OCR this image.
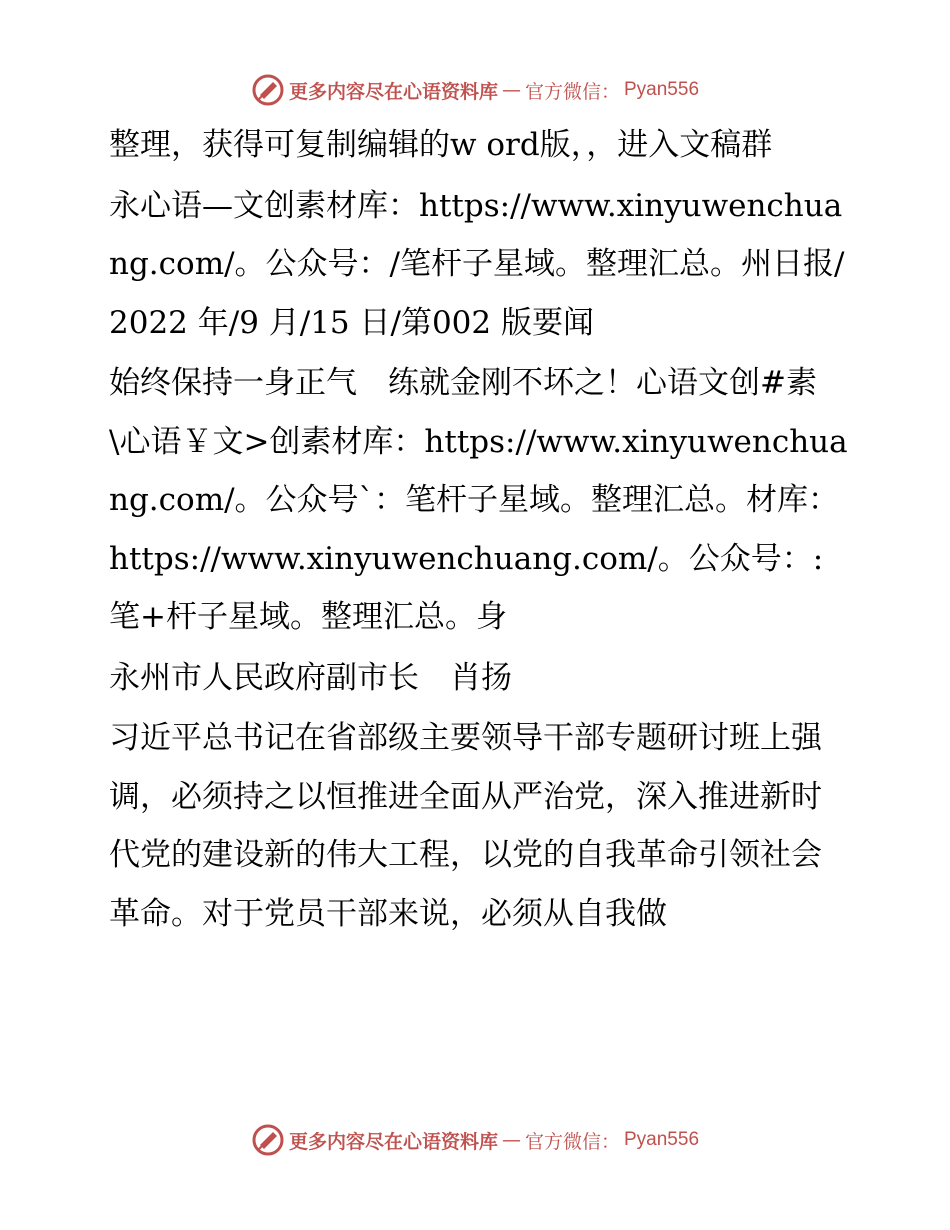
更多内容尽在心语资料库 — 官方微信： Pyan556

整理，获得可复制编辑的w ord版，，进入文稿群

永心语—文创素材库：https://www.xinyuwenchuang.com/。公众号：/笔杆子星域。整理汇总。州日报/2022 年/9 月/15 日/第002 版要闻

始终保持一身正气　练就金刚不坏之！心语文创#素\心语￥文>创素材库：https://www.xinyuwenchuang.com/。公众号`：笔杆子星域。整理汇总。材库：https://www.xinyuwenchuang.com/。公众号：:笔+杆子星域。整理汇总。身

永州市人民政府副市长　肖扬

习近平总书记在省部级主要领导干部专题研讨班上强调，必须持之以恒推进全面从严治党，深入推进新时代党的建设新的伟大工程，以党的自我革命引领社会革命。对于党员干部来说，必须从自我做

更多内容尽在心语资料库 — 官方微信： Pyan556
